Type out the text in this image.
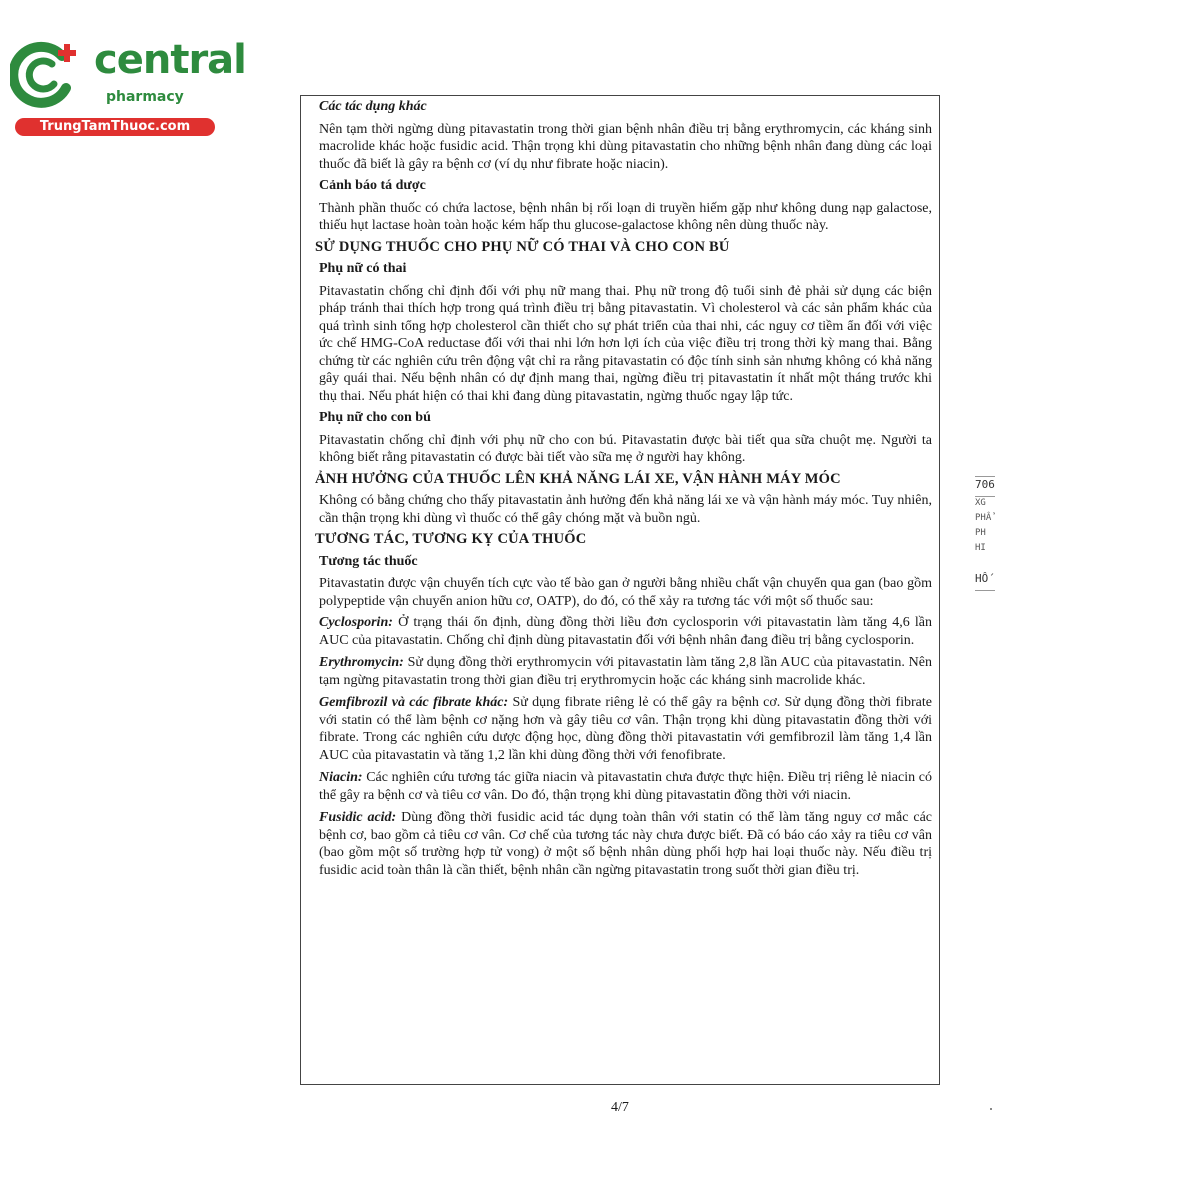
central
pharmacy
TrungTamThuoc.com
Các tác dụng khác

Nên tạm thời ngừng dùng pitavastatin trong thời gian bệnh nhân điều trị bằng erythromycin, các kháng sinh macrolide khác hoặc fusidic acid. Thận trọng khi dùng pitavastatin cho những bệnh nhân đang dùng các loại thuốc đã biết là gây ra bệnh cơ (ví dụ như fibrate hoặc niacin).

Cảnh báo tá dược

Thành phần thuốc có chứa lactose, bệnh nhân bị rối loạn di truyền hiếm gặp như không dung nạp galactose, thiếu hụt lactase hoàn toàn hoặc kém hấp thu glucose-galactose không nên dùng thuốc này.

SỬ DỤNG THUỐC CHO PHỤ NỮ CÓ THAI VÀ CHO CON BÚ
Phụ nữ có thai

Pitavastatin chống chỉ định đối với phụ nữ mang thai. Phụ nữ trong độ tuổi sinh đẻ phải sử dụng các biện pháp tránh thai thích hợp trong quá trình điều trị bằng pitavastatin. Vì cholesterol và các sản phẩm khác của quá trình sinh tổng hợp cholesterol cần thiết cho sự phát triển của thai nhi, các nguy cơ tiềm ẩn đối với việc ức chế HMG-CoA reductase đối với thai nhi lớn hơn lợi ích của việc điều trị trong thời kỳ mang thai. Bằng chứng từ các nghiên cứu trên động vật chỉ ra rằng pitavastatin có độc tính sinh sản nhưng không có khả năng gây quái thai. Nếu bệnh nhân có dự định mang thai, ngừng điều trị pitavastatin ít nhất một tháng trước khi thụ thai. Nếu phát hiện có thai khi đang dùng pitavastatin, ngừng thuốc ngay lập tức.

Phụ nữ cho con bú

Pitavastatin chống chỉ định với phụ nữ cho con bú. Pitavastatin được bài tiết qua sữa chuột mẹ. Người ta không biết rằng pitavastatin có được bài tiết vào sữa mẹ ở người hay không.

ẢNH HƯỞNG CỦA THUỐC LÊN KHẢ NĂNG LÁI XE, VẬN HÀNH MÁY MÓC

Không có bằng chứng cho thấy pitavastatin ảnh hưởng đến khả năng lái xe và vận hành máy móc. Tuy nhiên, cần thận trọng khi dùng vì thuốc có thể gây chóng mặt và buồn ngủ.

TƯƠNG TÁC, TƯƠNG KỴ CỦA THUỐC
Tương tác thuốc

Pitavastatin được vận chuyển tích cực vào tế bào gan ở người bằng nhiều chất vận chuyển qua gan (bao gồm polypeptide vận chuyển anion hữu cơ, OATP), do đó, có thể xảy ra tương tác với một số thuốc sau:

Cyclosporin: Ở trạng thái ổn định, dùng đồng thời liều đơn cyclosporin với pitavastatin làm tăng 4,6 lần AUC của pitavastatin. Chống chỉ định dùng pitavastatin đối với bệnh nhân đang điều trị bằng cyclosporin.

Erythromycin: Sử dụng đồng thời erythromycin với pitavastatin làm tăng 2,8 lần AUC của pitavastatin. Nên tạm ngừng pitavastatin trong thời gian điều trị erythromycin hoặc các kháng sinh macrolide khác.

Gemfibrozil và các fibrate khác: Sử dụng fibrate riêng lẻ có thể gây ra bệnh cơ. Sử dụng đồng thời fibrate với statin có thể làm bệnh cơ nặng hơn và gây tiêu cơ vân. Thận trọng khi dùng pitavastatin đồng thời với fibrate. Trong các nghiên cứu dược động học, dùng đồng thời pitavastatin với gemfibrozil làm tăng 1,4 lần AUC của pitavastatin và tăng 1,2 lần khi dùng đồng thời với fenofibrate.

Niacin: Các nghiên cứu tương tác giữa niacin và pitavastatin chưa được thực hiện. Điều trị riêng lẻ niacin có thể gây ra bệnh cơ và tiêu cơ vân. Do đó, thận trọng khi dùng pitavastatin đồng thời với niacin.

Fusidic acid: Dùng đồng thời fusidic acid tác dụng toàn thân với statin có thể làm tăng nguy cơ mắc các bệnh cơ, bao gồm cả tiêu cơ vân. Cơ chế của tương tác này chưa được biết. Đã có báo cáo xảy ra tiêu cơ vân (bao gồm một số trường hợp tử vong) ở một số bệnh nhân dùng phối hợp hai loại thuốc này. Nếu điều trị fusidic acid toàn thân là cần thiết, bệnh nhân cần ngừng pitavastatin trong suốt thời gian điều trị.

4/7
706
XG
PHẨ
PH
HI
HỐ
